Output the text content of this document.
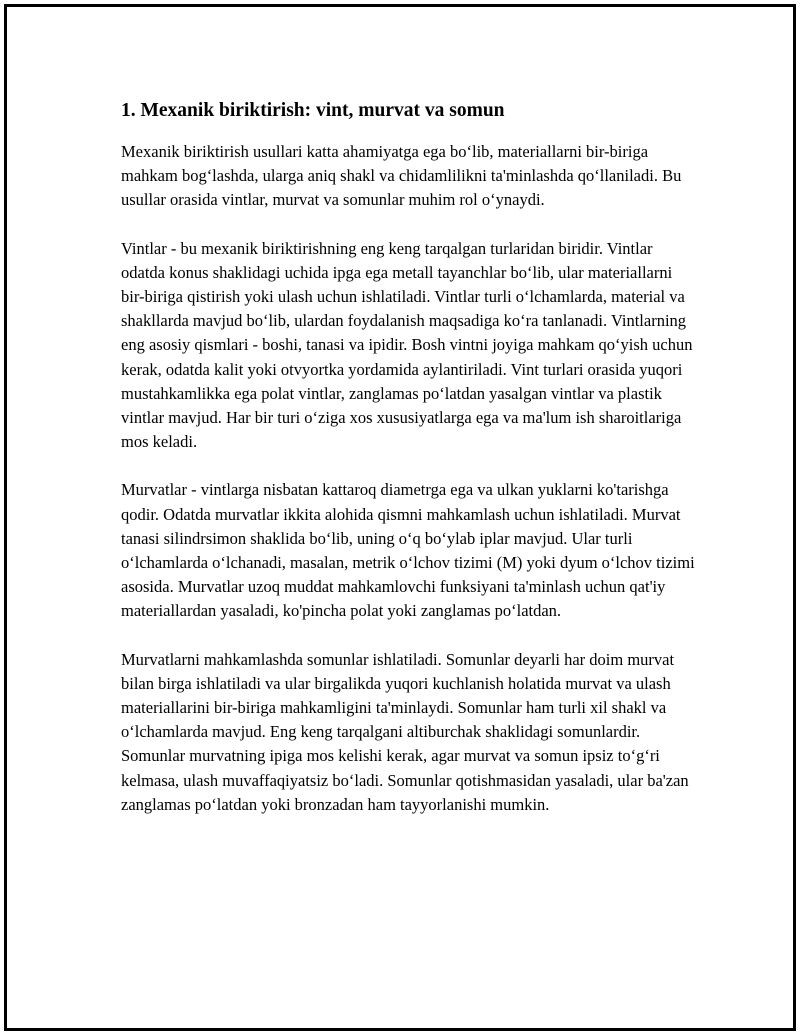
1. Mexanik biriktirish: vint, murvat va somun

Mexanik biriktirish usullari katta ahamiyatga ega bo‘lib, materiallarni bir-biriga mahkam bog‘lashda, ularga aniq shakl va chidamlilikni ta'minlashda qo‘llaniladi. Bu usullar orasida vintlar, murvat va somunlar muhim rol o‘ynaydi.

Vintlar - bu mexanik biriktirishning eng keng tarqalgan turlaridan biridir. Vintlar odatda konus shaklidagi uchida ipga ega metall tayanchlar bo‘lib, ular materiallarni bir-biriga qistirish yoki ulash uchun ishlatiladi. Vintlar turli o‘lchamlarda, material va shakllarda mavjud bo‘lib, ulardan foydalanish maqsadiga ko‘ra tanlanadi. Vintlarning eng asosiy qismlari - boshi, tanasi va ipidir. Bosh vintni joyiga mahkam qo‘yish uchun kerak, odatda kalit yoki otvyortka yordamida aylantiriladi. Vint turlari orasida yuqori mustahkamlikka ega polat vintlar, zanglamas po‘latdan yasalgan vintlar va plastik vintlar mavjud. Har bir turi o‘ziga xos xususiyatlarga ega va ma'lum ish sharoitlariga mos keladi.

Murvatlar - vintlarga nisbatan kattaroq diametrga ega va ulkan yuklarni ko'tarishga qodir. Odatda murvatlar ikkita alohida qismni mahkamlash uchun ishlatiladi. Murvat tanasi silindrsimon shaklida bo‘lib, uning o‘q bo‘ylab iplar mavjud. Ular turli o‘lchamlarda o‘lchanadi, masalan, metrik o‘lchov tizimi (M) yoki dyum o‘lchov tizimi asosida. Murvatlar uzoq muddat mahkamlovchi funksiyani ta'minlash uchun qat'iy materiallardan yasaladi, ko'pincha polat yoki zanglamas po‘latdan.

Murvatlarni mahkamlashda somunlar ishlatiladi. Somunlar deyarli har doim murvat bilan birga ishlatiladi va ular birgalikda yuqori kuchlanish holatida murvat va ulash materiallarini bir-biriga mahkamligini ta'minlaydi. Somunlar ham turli xil shakl va o‘lchamlarda mavjud. Eng keng tarqalgani altiburchak shaklidagi somunlardir. Somunlar murvatning ipiga mos kelishi kerak, agar murvat va somun ipsiz to‘g‘ri kelmasa, ulash muvaffaqiyatsiz bo‘ladi. Somunlar qotishmasidan yasaladi, ular ba'zan zanglamas po‘latdan yoki bronzadan ham tayyorlanishi mumkin.
